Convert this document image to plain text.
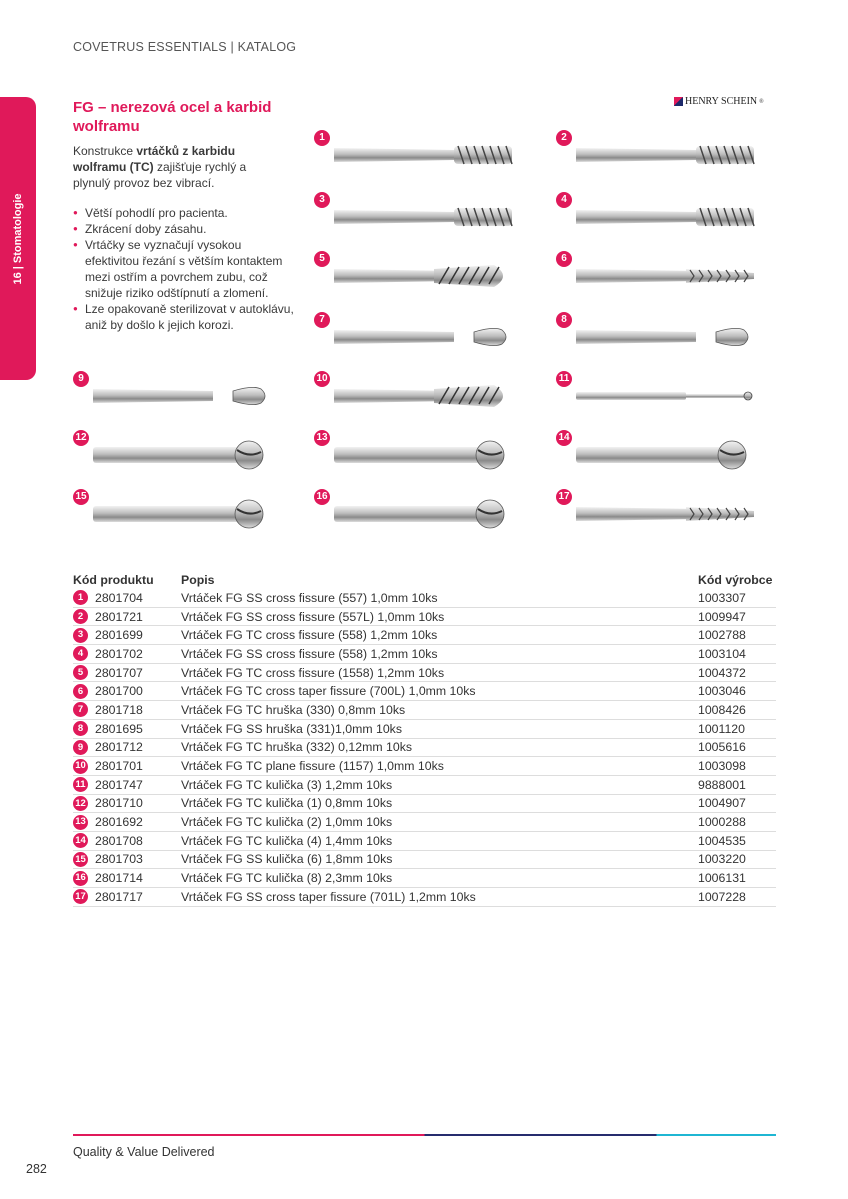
COVETRUS ESSENTIALS | KATALOG
16 | Stomatologie
HENRY SCHEIN ®
FG – nerezová ocel a karbid wolframu
Konstrukce vrtáčků z karbidu wolframu (TC) zajišťuje rychlý a plynulý provoz bez vibrací.
● Větší pohodlí pro pacienta.
● Zkrácení doby zásahu.
● Vrtáčky se vyznačují vysokou efektivitou řezání s větším kontaktem mezi ostřím a povrchem zubu, což snižuje riziko odštípnutí a zlomení.
● Lze opakovaně sterilizovat v autoklávu, aniž by došlo k jejich korozi.
1	2
3	4
5	6
7	8
9	10	11
12	13	14
15	16	17
Kód produktu	Popis	Kód výrobce

1 2801704	Vrtáček FG SS cross fissure (557) 1,0mm 10ks	1003307

2 2801721	Vrtáček FG SS cross fissure (557L) 1,0mm 10ks	1009947

3 2801699	Vrtáček FG TC cross fissure (558) 1,2mm 10ks	1002788

4 2801702	Vrtáček FG SS cross fissure (558) 1,2mm 10ks	1003104

5 2801707	Vrtáček FG TC cross fissure (1558) 1,2mm 10ks	1004372

6 2801700	Vrtáček FG TC cross taper fissure (700L) 1,0mm 10ks	1003046

7 2801718	Vrtáček FG TC hruška (330) 0,8mm 10ks	1008426

8 2801695	Vrtáček FG SS hruška (331)1,0mm 10ks	1001120

9 2801712	Vrtáček FG TC hruška (332) 0,12mm 10ks	1005616

10 2801701	Vrtáček FG TC plane fissure (1157) 1,0mm 10ks	1003098

11 2801747	Vrtáček FG TC kulička (3) 1,2mm 10ks	9888001

12 2801710	Vrtáček FG TC kulička (1) 0,8mm 10ks	1004907

13 2801692	Vrtáček FG TC kulička (2) 1,0mm 10ks	1000288

14 2801708	Vrtáček FG TC kulička (4) 1,4mm 10ks	1004535

15 2801703	Vrtáček FG SS kulička (6) 1,8mm 10ks	1003220

16 2801714	Vrtáček FG TC kulička (8) 2,3mm 10ks	1006131

17 2801717	Vrtáček FG SS cross taper fissure (701L) 1,2mm 10ks	1007228
Quality & Value Delivered
282
